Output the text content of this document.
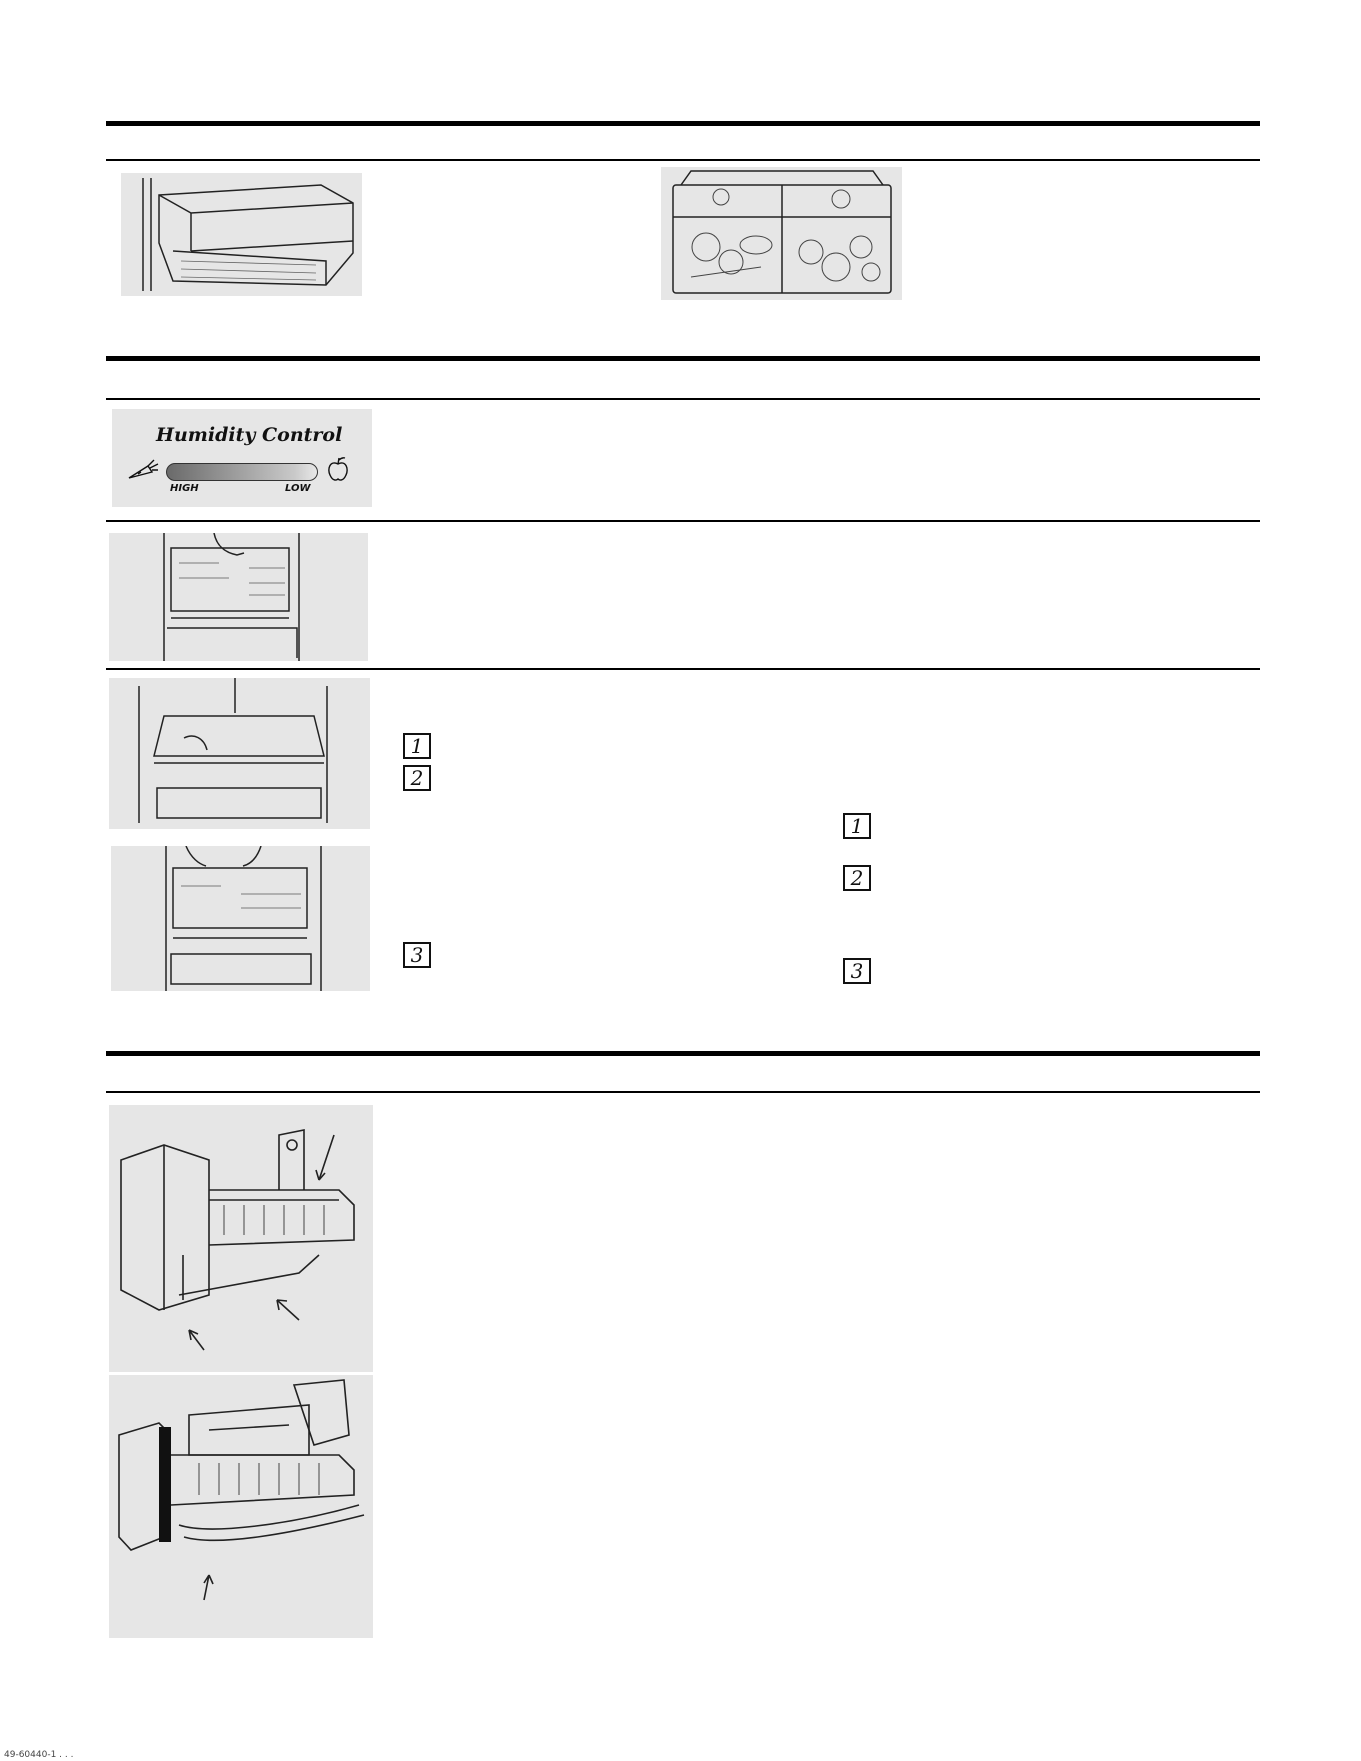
Humidity Control
HIGH	LOW
1
2
3
1
2
3
49-60440-1 . . .
